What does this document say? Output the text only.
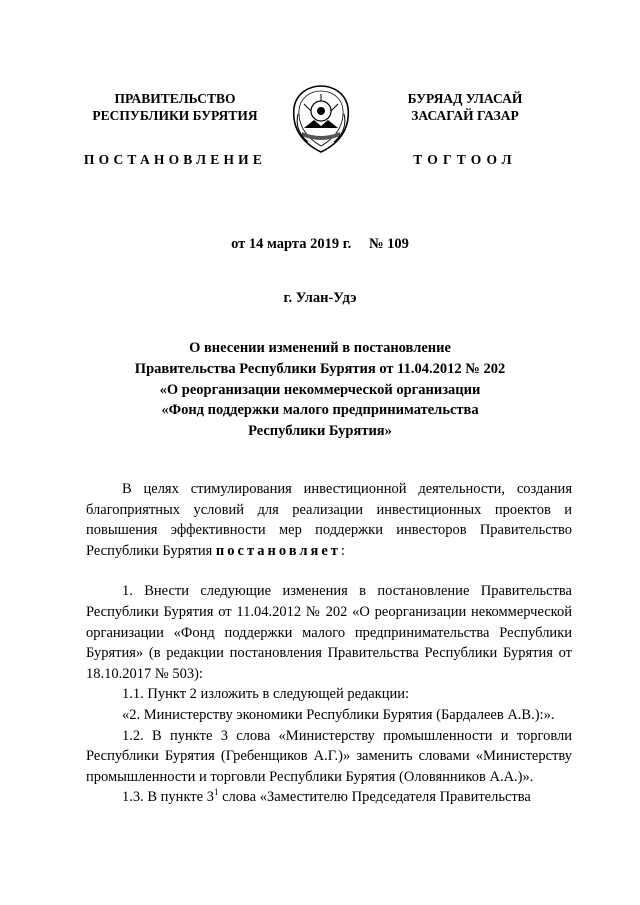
ПРАВИТЕЛЬСТВО
РЕСПУБЛИКИ БУРЯТИЯ
ПОСТАНОВЛЕНИЕ
БУРЯАД УЛАСАЙ
ЗАСАГАЙ ГАЗАР
ТОГТООЛ
от 14 марта 2019 г. № 109
г. Улан-Удэ
О внесении изменений в постановление
Правительства Республики Бурятия от 11.04.2012 № 202
«О реорганизации некоммерческой организации
«Фонд поддержки малого предпринимательства
Республики Бурятия»

В целях стимулирования инвестиционной деятельности, создания благоприятных условий для реализации инвестиционных проектов и повышения эффективности мер поддержки инвесторов Правительство Республики Бурятия постановляет:

1. Внести следующие изменения в постановление Правительства Республики Бурятия от 11.04.2012 № 202 «О реорганизации некоммерческой организации «Фонд поддержки малого предпринимательства Республики Бурятия» (в редакции постановления Правительства Республики Бурятия от 18.10.2017 № 503):

1.1. Пункт 2 изложить в следующей редакции:

«2. Министерству экономики Республики Бурятия (Бардалеев А.В.):».

1.2. В пункте 3 слова «Министерству промышленности и торговли Республики Бурятия (Гребенщиков А.Г.)» заменить словами «Министерству промышленности и торговли Республики Бурятия (Оловянников А.А.)».

1.3. В пункте $3^1$ слова «Заместителю Председателя Правительства
